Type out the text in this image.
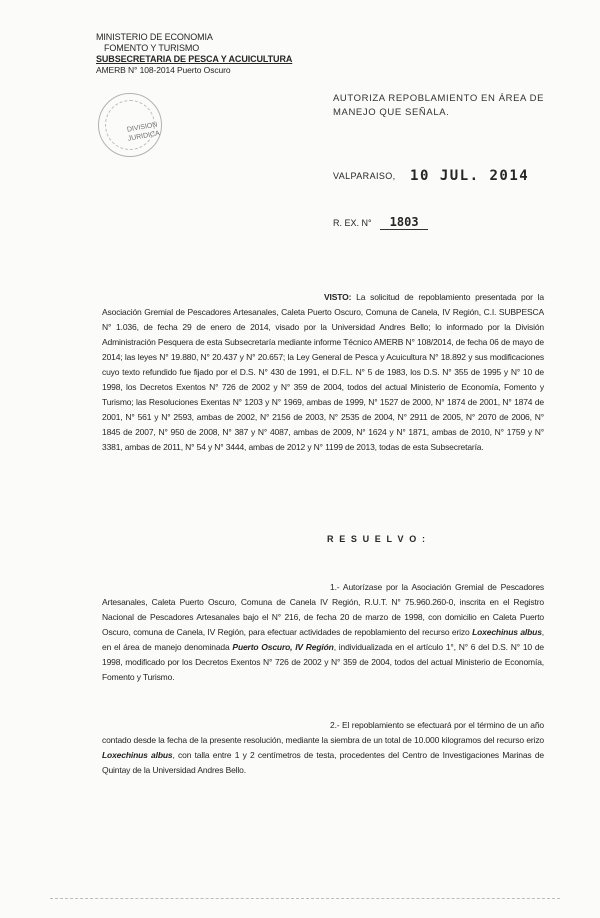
MINISTERIO DE ECONOMIA
FOMENTO Y TURISMO
SUBSECRETARIA DE PESCA Y ACUICULTURA
AMERB N° 108-2014 Puerto Oscuro
DIVISION JURIDICA
AUTORIZA REPOBLAMIENTO EN ÁREA DE MANEJO QUE SEÑALA.
VALPARAISO, 10 JUL. 2014
R. EX. N° 1803
VISTO: La solicitud de repoblamiento presentada por la Asociación Gremial de Pescadores Artesanales, Caleta Puerto Oscuro, Comuna de Canela, IV Región, C.I. SUBPESCA N° 1.036, de fecha 29 de enero de 2014, visado por la Universidad Andres Bello; lo informado por la División Administración Pesquera de esta Subsecretaría mediante informe Técnico AMERB N° 108/2014, de fecha 06 de mayo de 2014; las leyes N° 19.880, N° 20.437 y N° 20.657; la Ley General de Pesca y Acuicultura N° 18.892 y sus modificaciones cuyo texto refundido fue fijado por el D.S. N° 430 de 1991, el D.F.L. N° 5 de 1983, los D.S. N° 355 de 1995 y N° 10 de 1998, los Decretos Exentos N° 726 de 2002 y N° 359 de 2004, todos del actual Ministerio de Economía, Fomento y Turismo; las Resoluciones Exentas N° 1203 y N° 1969, ambas de 1999, N° 1527 de 2000, N° 1874 de 2001, N° 1874 de 2001, N° 561 y N° 2593, ambas de 2002, N° 2156 de 2003, N° 2535 de 2004, N° 2911 de 2005, N° 2070 de 2006, N° 1845 de 2007, N° 950 de 2008, N° 387 y N° 4087, ambas de 2009, N° 1624 y N° 1871, ambas de 2010, N° 1759 y N° 3381, ambas de 2011, N° 54 y N° 3444, ambas de 2012 y N° 1199 de 2013, todas de esta Subsecretaría.
R E S U E L V O :
1.- Autorízase por la Asociación Gremial de Pescadores Artesanales, Caleta Puerto Oscuro, Comuna de Canela IV Región, R.U.T. N° 75.960.260-0, inscrita en el Registro Nacional de Pescadores Artesanales bajo el N° 216, de fecha 20 de marzo de 1998, con domicilio en Caleta Puerto Oscuro, comuna de Canela, IV Región, para efectuar actividades de repoblamiento del recurso erizo Loxechinus albus, en el área de manejo denominada Puerto Oscuro, IV Región, individualizada en el artículo 1°, N° 6 del D.S. N° 10 de 1998, modificado por los Decretos Exentos N° 726 de 2002 y N° 359 de 2004, todos del actual Ministerio de Economía, Fomento y Turismo.
2.- El repoblamiento se efectuará por el término de un año contado desde la fecha de la presente resolución, mediante la siembra de un total de 10.000 kilogramos del recurso erizo Loxechinus albus, con talla entre 1 y 2 centímetros de testa, procedentes del Centro de Investigaciones Marinas de Quintay de la Universidad Andres Bello.
